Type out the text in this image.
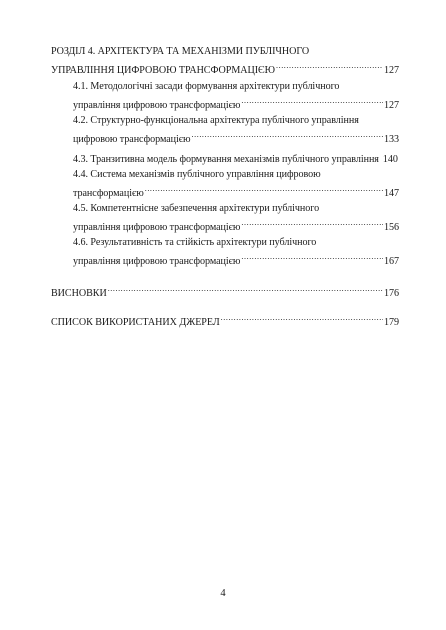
РОЗДІЛ 4. АРХІТЕКТУРА ТА МЕХАНІЗМИ ПУБЛІЧНОГО
УПРАВЛІННЯ ЦИФРОВОЮ ТРАНСФОРМАЦІЄЮ .....	127
4.1. Методологічні засади формування архітектури публічного
управління цифровою трансформацією .....	127
4.2. Структурно-функціональна архітектура публічного управління
цифровою трансформацією .....	133
4.3. Транзитивна модель формування механізмів публічного управління 140
4.4. Система механізмів публічного управління цифровою
трансформацією .....	147
4.5. Компетентнісне забезпечення архітектури публічного
управління цифровою трансформацією .....	156
4.6. Результативність та стійкість архітектури публічного
управління цифровою трансформацією .....	167
ВИСНОВКИ .....	176
СПИСОК ВИКОРИСТАНИХ ДЖЕРЕЛ .....	179
4
